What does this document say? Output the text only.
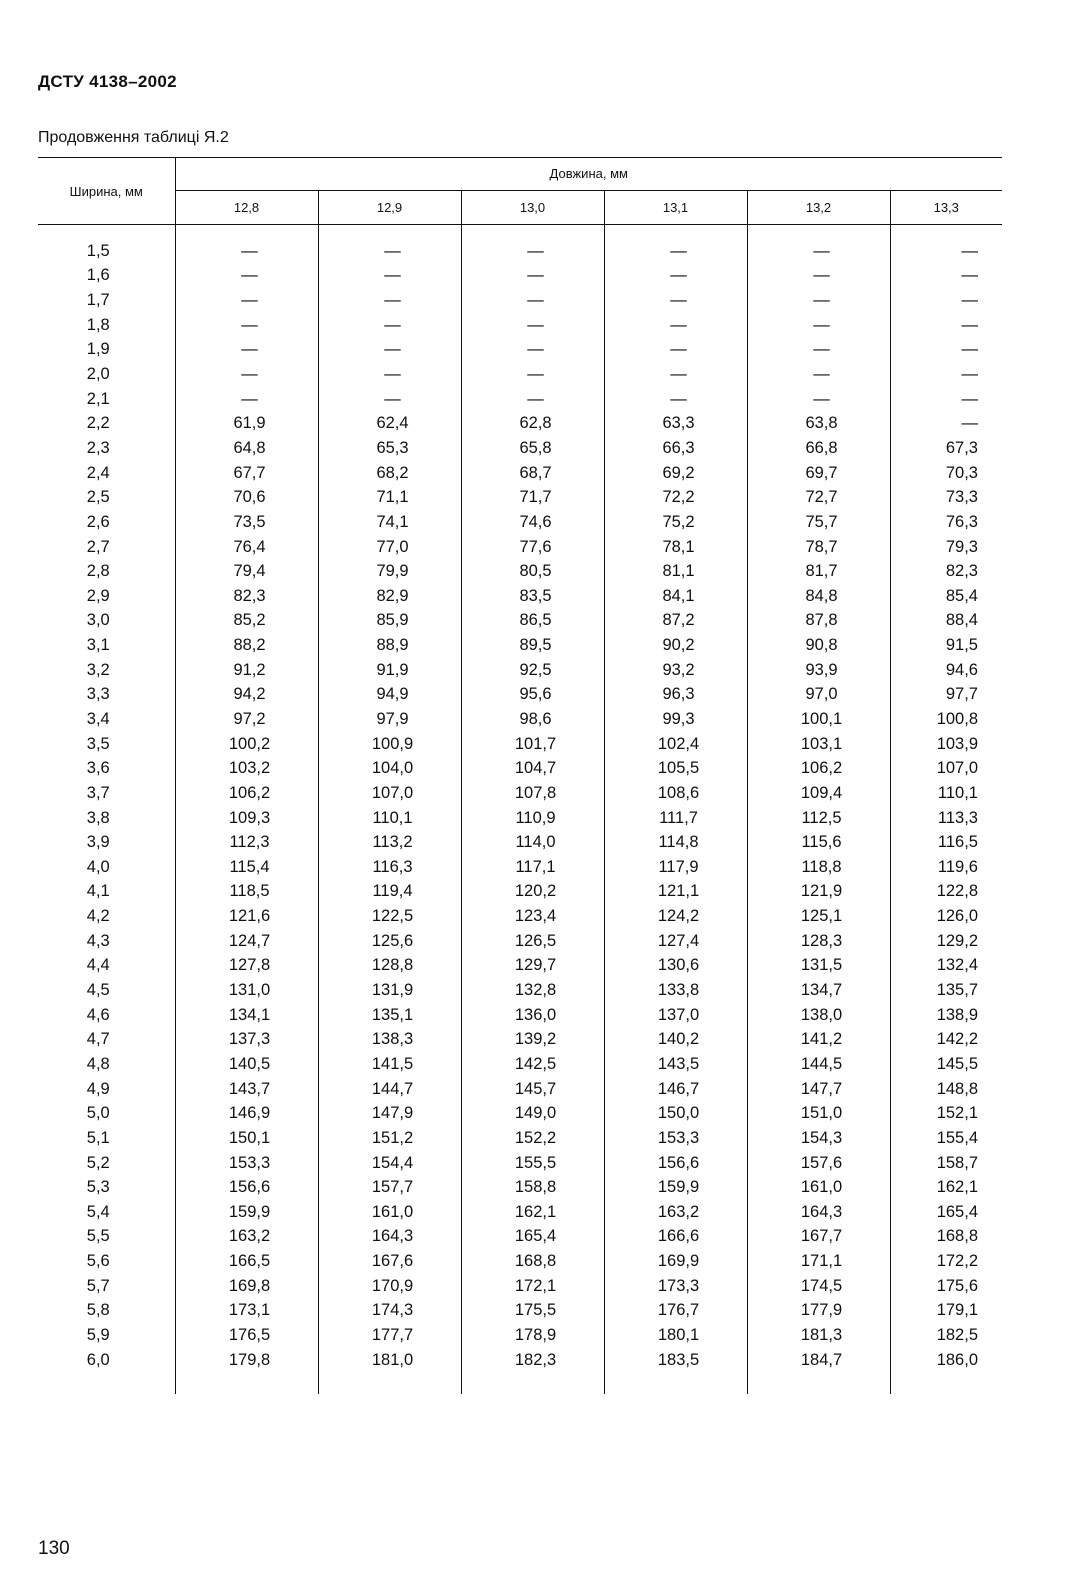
ДСТУ 4138–2002
Продовження таблиці Я.2
Ширина, мм	Довжина, мм					
	12,8	12,9	13,0	13,1	13,2	13,3

1,5	—	—	—	—	—	—
1,6	—	—	—	—	—	—
1,7	—	—	—	—	—	—
1,8	—	—	—	—	—	—
1,9	—	—	—	—	—	—
2,0	—	—	—	—	—	—
2,1	—	—	—	—	—	—
2,2	61,9	62,4	62,8	63,3	63,8	—
2,3	64,8	65,3	65,8	66,3	66,8	67,3
2,4	67,7	68,2	68,7	69,2	69,7	70,3
2,5	70,6	71,1	71,7	72,2	72,7	73,3
2,6	73,5	74,1	74,6	75,2	75,7	76,3
2,7	76,4	77,0	77,6	78,1	78,7	79,3
2,8	79,4	79,9	80,5	81,1	81,7	82,3
2,9	82,3	82,9	83,5	84,1	84,8	85,4
3,0	85,2	85,9	86,5	87,2	87,8	88,4
3,1	88,2	88,9	89,5	90,2	90,8	91,5
3,2	91,2	91,9	92,5	93,2	93,9	94,6
3,3	94,2	94,9	95,6	96,3	97,0	97,7
3,4	97,2	97,9	98,6	99,3	100,1	100,8
3,5	100,2	100,9	101,7	102,4	103,1	103,9
3,6	103,2	104,0	104,7	105,5	106,2	107,0
3,7	106,2	107,0	107,8	108,6	109,4	110,1
3,8	109,3	110,1	110,9	111,7	112,5	113,3
3,9	112,3	113,2	114,0	114,8	115,6	116,5
4,0	115,4	116,3	117,1	117,9	118,8	119,6
4,1	118,5	119,4	120,2	121,1	121,9	122,8
4,2	121,6	122,5	123,4	124,2	125,1	126,0
4,3	124,7	125,6	126,5	127,4	128,3	129,2
4,4	127,8	128,8	129,7	130,6	131,5	132,4
4,5	131,0	131,9	132,8	133,8	134,7	135,7
4,6	134,1	135,1	136,0	137,0	138,0	138,9
4,7	137,3	138,3	139,2	140,2	141,2	142,2
4,8	140,5	141,5	142,5	143,5	144,5	145,5
4,9	143,7	144,7	145,7	146,7	147,7	148,8
5,0	146,9	147,9	149,0	150,0	151,0	152,1
5,1	150,1	151,2	152,2	153,3	154,3	155,4
5,2	153,3	154,4	155,5	156,6	157,6	158,7
5,3	156,6	157,7	158,8	159,9	161,0	162,1
5,4	159,9	161,0	162,1	163,2	164,3	165,4
5,5	163,2	164,3	165,4	166,6	167,7	168,8
5,6	166,5	167,6	168,8	169,9	171,1	172,2
5,7	169,8	170,9	172,1	173,3	174,5	175,6
5,8	173,1	174,3	175,5	176,7	177,9	179,1
5,9	176,5	177,7	178,9	180,1	181,3	182,5
6,0	179,8	181,0	182,3	183,5	184,7	186,0

130
